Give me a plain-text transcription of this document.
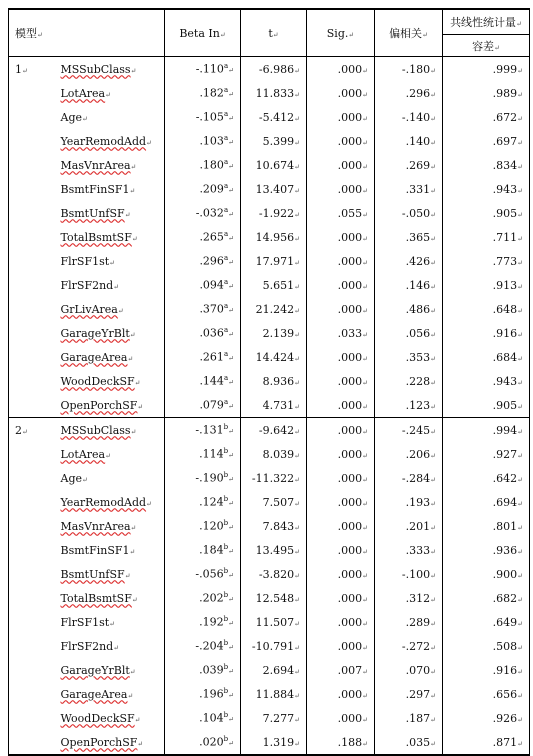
模型↵		Beta In↵	t↵	Sig.↵	偏相关↵	共线性统计量↵
						容差↵
1↵	MSSubClass↵	-.110$^a$↵	-6.986↵	.000↵	-.180↵	.999↵
	LotArea↵	.182$^a$↵	11.833↵	.000↵	.296↵	.989↵
	Age↵	-.105$^a$↵	-5.412↵	.000↵	-.140↵	.672↵
	YearRemodAdd↵	.103$^a$↵	5.399↵	.000↵	.140↵	.697↵
	MasVnrArea↵	.180$^a$↵	10.674↵	.000↵	.269↵	.834↵
	BsmtFinSF1↵	.209$^a$↵	13.407↵	.000↵	.331↵	.943↵
	BsmtUnfSF↵	-.032$^a$↵	-1.922↵	.055↵	-.050↵	.905↵
	TotalBsmtSF↵	.265$^a$↵	14.956↵	.000↵	.365↵	.711↵
	FlrSF1st↵	.296$^a$↵	17.971↵	.000↵	.426↵	.773↵
	FlrSF2nd↵	.094$^a$↵	5.651↵	.000↵	.146↵	.913↵
	GrLivArea↵	.370$^a$↵	21.242↵	.000↵	.486↵	.648↵
	GarageYrBlt↵	.036$^a$↵	2.139↵	.033↵	.056↵	.916↵
	GarageArea↵	.261$^a$↵	14.424↵	.000↵	.353↵	.684↵
	WoodDeckSF↵	.144$^a$↵	8.936↵	.000↵	.228↵	.943↵
	OpenPorchSF↵	.079$^a$↵	4.731↵	.000↵	.123↵	.905↵
2↵	MSSubClass↵	-.131$^b$↵	-9.642↵	.000↵	-.245↵	.994↵
	LotArea↵	.114$^b$↵	8.039↵	.000↵	.206↵	.927↵
	Age↵	-.190$^b$↵	-11.322↵	.000↵	-.284↵	.642↵
	YearRemodAdd↵	.124$^b$↵	7.507↵	.000↵	.193↵	.694↵
	MasVnrArea↵	.120$^b$↵	7.843↵	.000↵	.201↵	.801↵
	BsmtFinSF1↵	.184$^b$↵	13.495↵	.000↵	.333↵	.936↵
	BsmtUnfSF↵	-.056$^b$↵	-3.820↵	.000↵	-.100↵	.900↵
	TotalBsmtSF↵	.202$^b$↵	12.548↵	.000↵	.312↵	.682↵
	FlrSF1st↵	.192$^b$↵	11.507↵	.000↵	.289↵	.649↵
	FlrSF2nd↵	-.204$^b$↵	-10.791↵	.000↵	-.272↵	.508↵
	GarageYrBlt↵	.039$^b$↵	2.694↵	.007↵	.070↵	.916↵
	GarageArea↵	.196$^b$↵	11.884↵	.000↵	.297↵	.656↵
	WoodDeckSF↵	.104$^b$↵	7.277↵	.000↵	.187↵	.926↵
	OpenPorchSF↵	.020$^b$↵	1.319↵	.188↵	.035↵	.871↵
